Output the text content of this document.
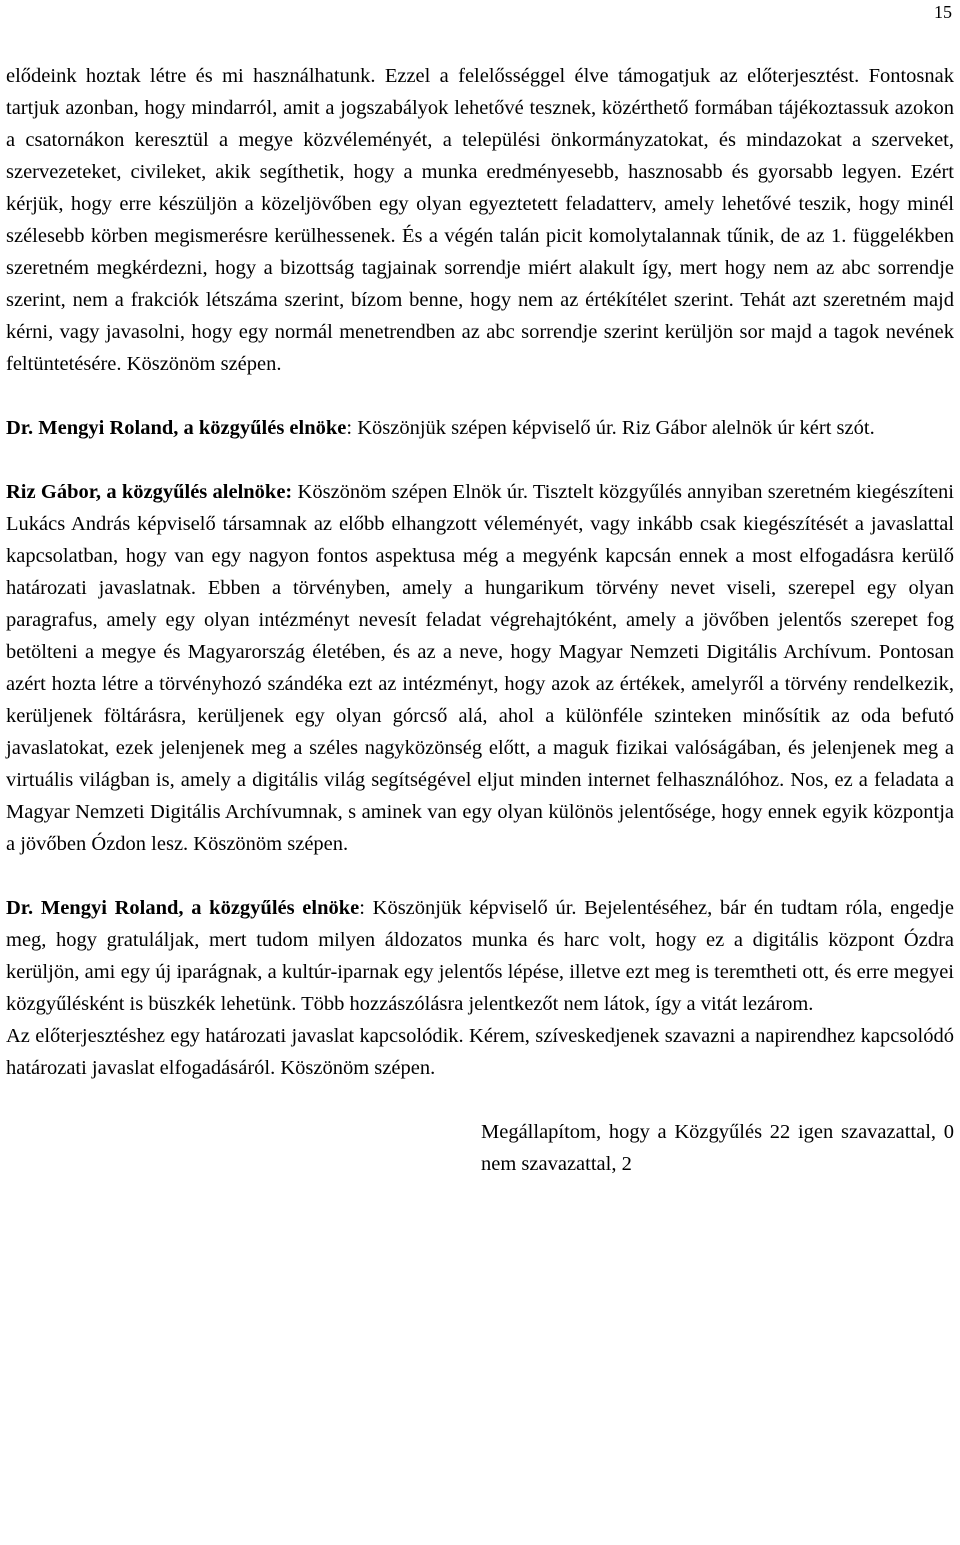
15

elődeink hoztak létre és mi használhatunk. Ezzel a felelősséggel élve támogatjuk az előterjesztést. Fontosnak tartjuk azonban, hogy mindarról, amit a jogszabályok lehetővé tesznek, közérthető formában tájékoztassuk azokon a csatornákon keresztül a megye közvéleményét, a települési önkormányzatokat, és mindazokat a szerveket, szervezeteket, civileket, akik segíthetik, hogy a munka eredményesebb, hasznosabb és gyorsabb legyen. Ezért kérjük, hogy erre készüljön a közeljövőben egy olyan egyeztetett feladatterv, amely lehetővé teszik, hogy minél szélesebb körben megismerésre kerülhessenek. És a végén talán picit komolytalannak tűnik, de az 1. függelékben szeretném megkérdezni, hogy a bizottság tagjainak sorrendje miért alakult így, mert hogy nem az abc sorrendje szerint, nem a frakciók létszáma szerint, bízom benne, hogy nem az értékítélet szerint. Tehát azt szeretném majd kérni, vagy javasolni, hogy egy normál menetrendben az abc sorrendje szerint kerüljön sor majd a tagok nevének feltüntetésére. Köszönöm szépen.

Dr. Mengyi Roland, a közgyűlés elnöke: Köszönjük szépen képviselő úr. Riz Gábor alelnök úr kért szót.

Riz Gábor, a közgyűlés alelnöke: Köszönöm szépen Elnök úr. Tisztelt közgyűlés annyiban szeretném kiegészíteni Lukács András képviselő társamnak az előbb elhangzott véleményét, vagy inkább csak kiegészítését a javaslattal kapcsolatban, hogy van egy nagyon fontos aspektusa még a megyénk kapcsán ennek a most elfogadásra kerülő határozati javaslatnak. Ebben a törvényben, amely a hungarikum törvény nevet viseli, szerepel egy olyan paragrafus, amely egy olyan intézményt nevesít feladat végrehajtóként, amely a jövőben jelentős szerepet fog betölteni a megye és Magyarország életében, és az a neve, hogy Magyar Nemzeti Digitális Archívum. Pontosan azért hozta létre a törvényhozó szándéka ezt az intézményt, hogy azok az értékek, amelyről a törvény rendelkezik, kerüljenek föltárásra, kerüljenek egy olyan górcső alá, ahol a különféle szinteken minősítik az oda befutó javaslatokat, ezek jelenjenek meg a széles nagyközönség előtt, a maguk fizikai valóságában, és jelenjenek meg a virtuális világban is, amely a digitális világ segítségével eljut minden internet felhasználóhoz. Nos, ez a feladata a Magyar Nemzeti Digitális Archívumnak, s aminek van egy olyan különös jelentősége, hogy ennek egyik központja a jövőben Ózdon lesz. Köszönöm szépen.

Dr. Mengyi Roland, a közgyűlés elnöke: Köszönjük képviselő úr. Bejelentéséhez, bár én tudtam róla, engedje meg, hogy gratuláljak, mert tudom milyen áldozatos munka és harc volt, hogy ez a digitális központ Ózdra kerüljön, ami egy új iparágnak, a kultúr-iparnak egy jelentős lépése, illetve ezt meg is teremtheti ott, és erre megyei közgyűlésként is büszkék lehetünk. Több hozzászólásra jelentkezőt nem látok, így a vitát lezárom.

Az előterjesztéshez egy határozati javaslat kapcsolódik. Kérem, szíveskedjenek szavazni a napirendhez kapcsolódó határozati javaslat elfogadásáról. Köszönöm szépen.

Megállapítom, hogy a Közgyűlés 22 igen szavazattal, 0 nem szavazattal, 2
